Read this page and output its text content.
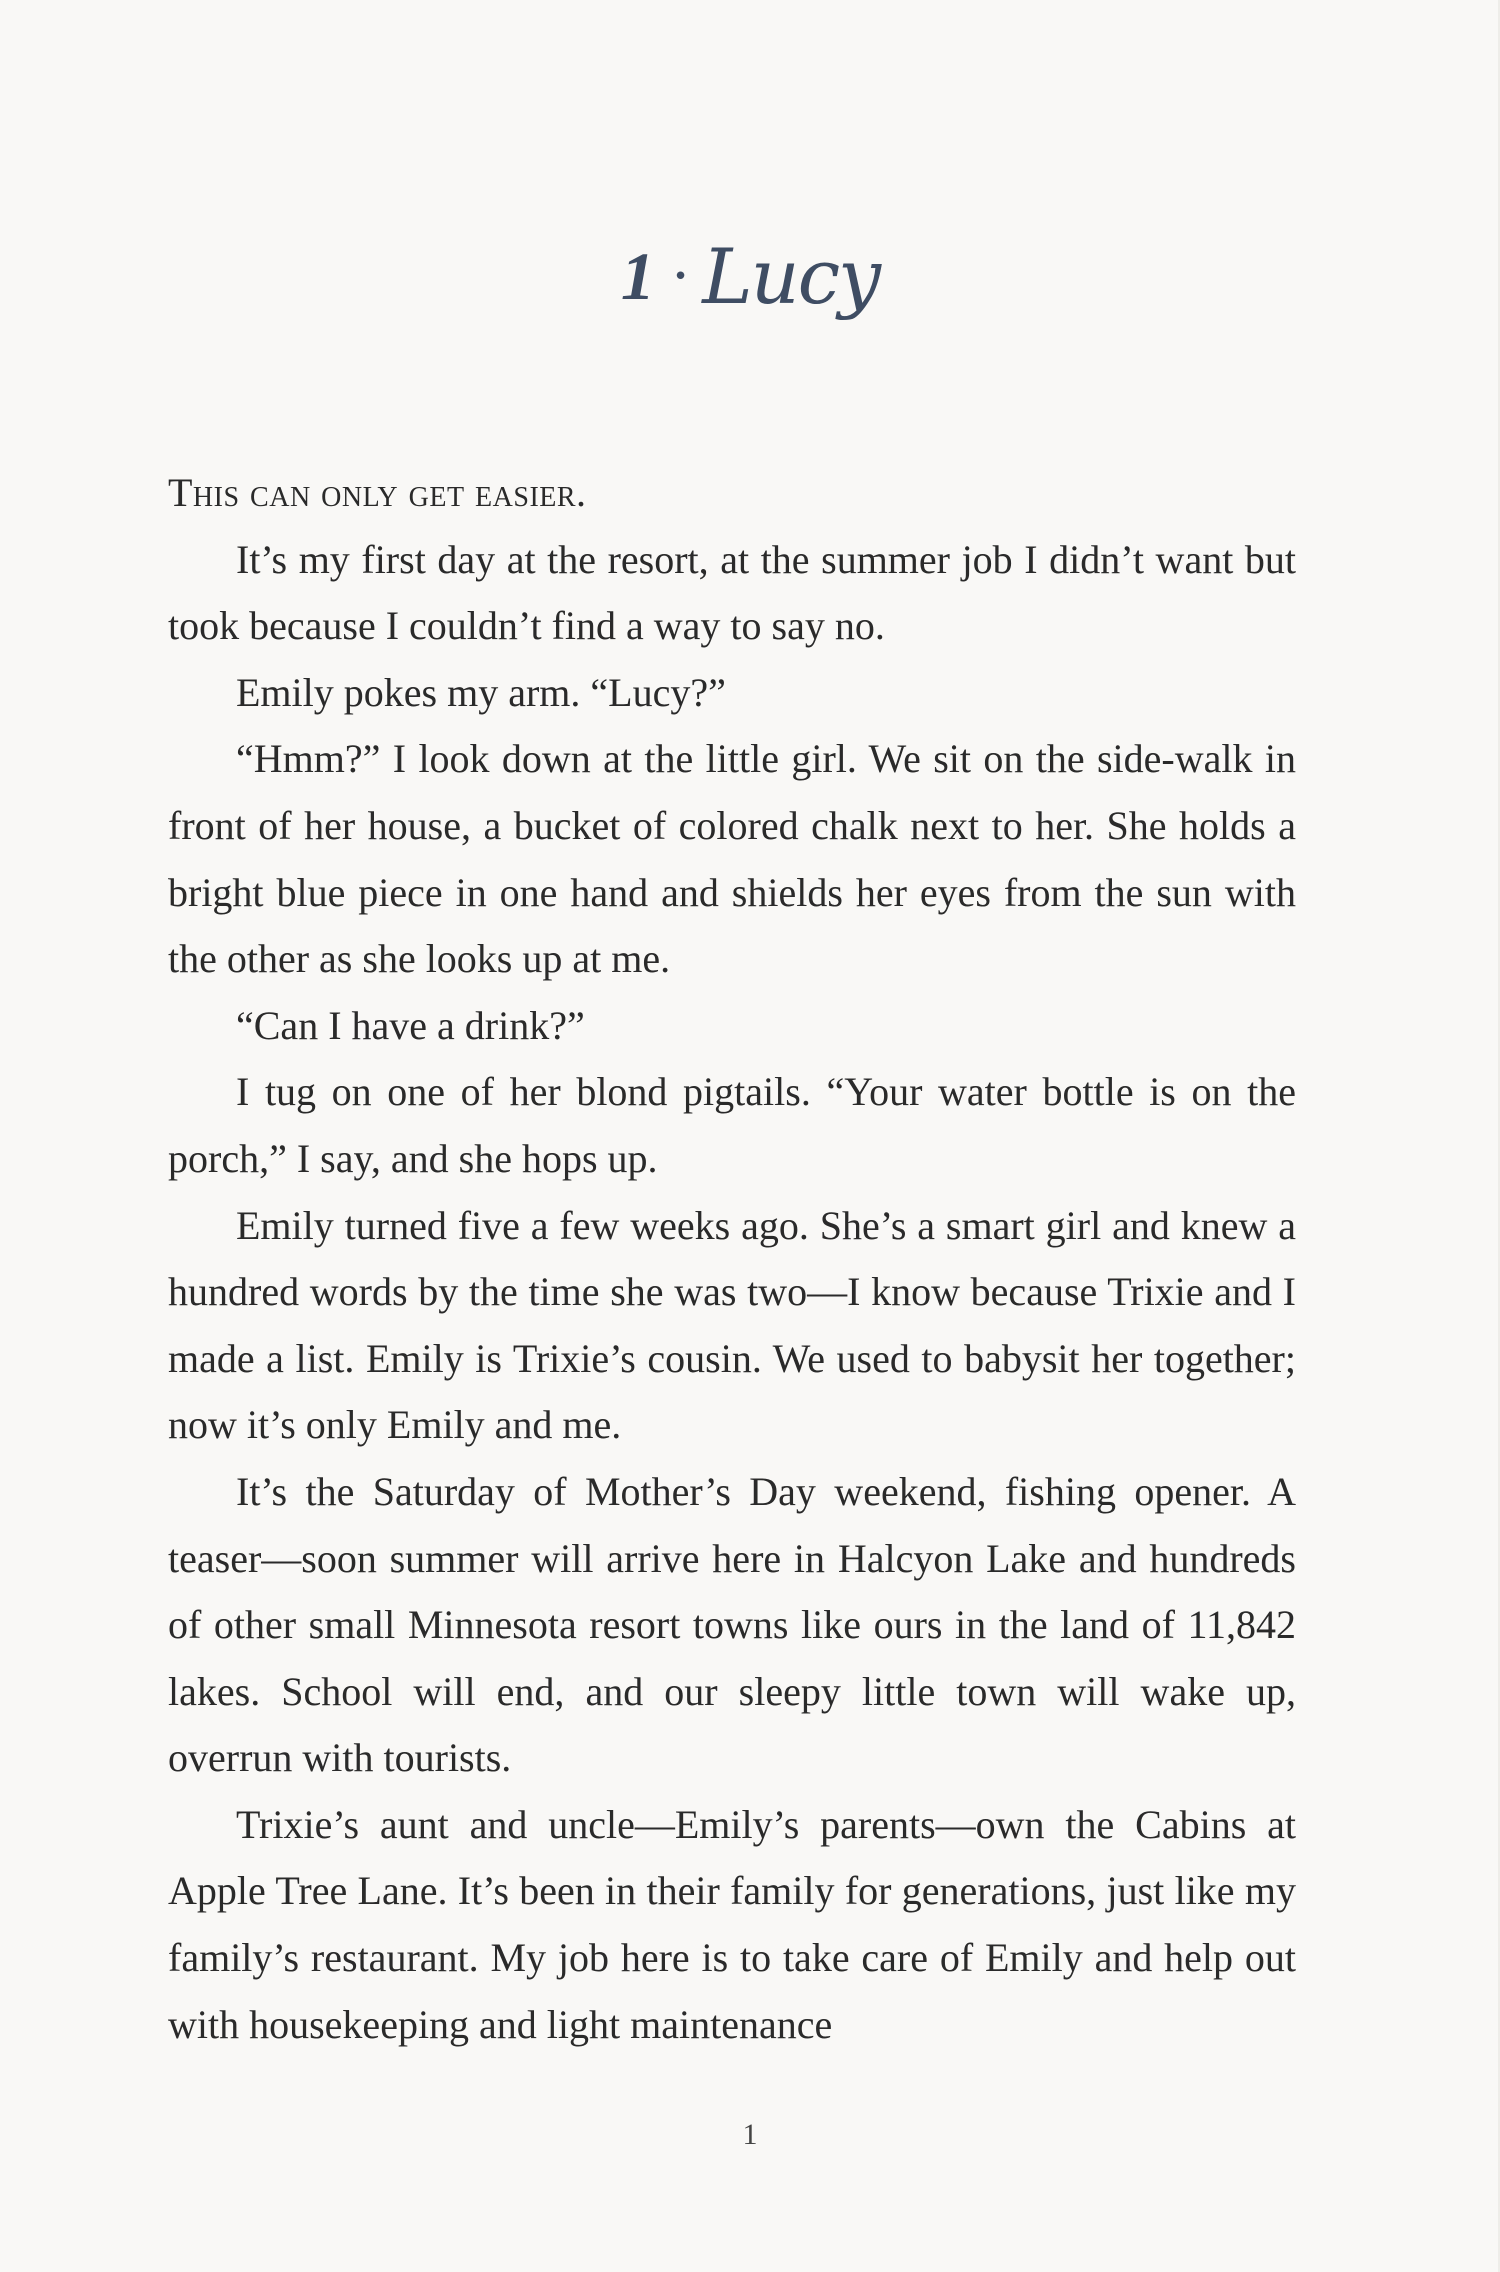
1 • Lucy

This can only get easier.

It’s my first day at the resort, at the summer job I didn’t want but took because I couldn’t find a way to say no.

Emily pokes my arm. “Lucy?”

“Hmm?” I look down at the little girl. We sit on the side-walk in front of her house, a bucket of colored chalk next to her. She holds a bright blue piece in one hand and shields her eyes from the sun with the other as she looks up at me.

“Can I have a drink?”

I tug on one of her blond pigtails. “Your water bottle is on the porch,” I say, and she hops up.

Emily turned five a few weeks ago. She’s a smart girl and knew a hundred words by the time she was two—I know because Trixie and I made a list. Emily is Trixie’s cousin. We used to babysit her together; now it’s only Emily and me.

It’s the Saturday of Mother’s Day weekend, fishing opener. A teaser—soon summer will arrive here in Halcyon Lake and hundreds of other small Minnesota resort towns like ours in the land of 11,842 lakes. School will end, and our sleepy little town will wake up, overrun with tourists.

Trixie’s aunt and uncle—Emily’s parents—own the Cabins at Apple Tree Lane. It’s been in their family for generations, just like my family’s restaurant. My job here is to take care of Emily and help out with housekeeping and light maintenance

1
